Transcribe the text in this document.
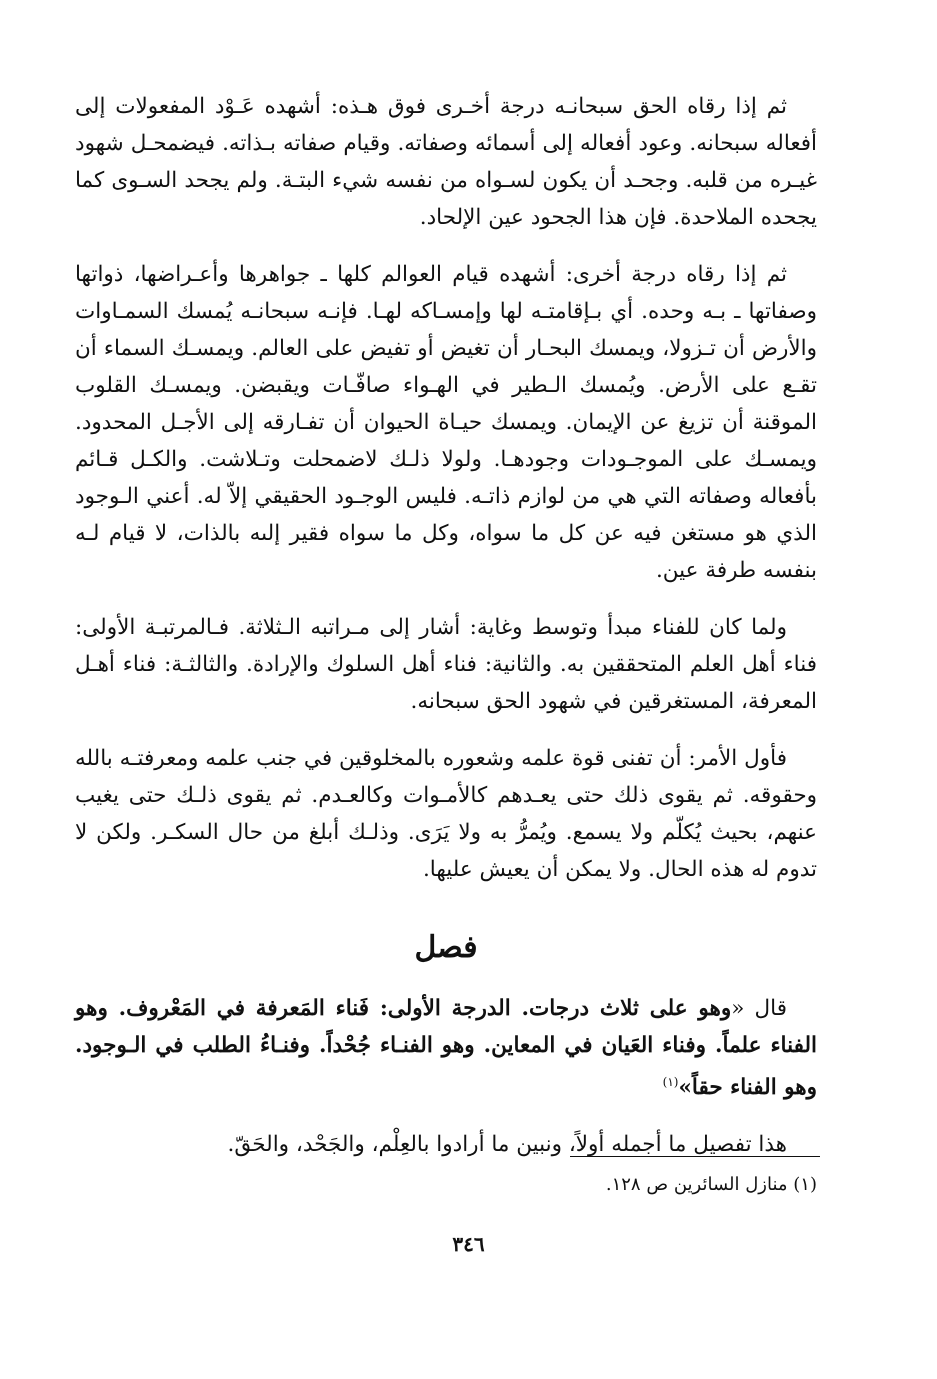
ثم إذا رقاه الحق سبحانـه درجة أخـرى فوق هـذه: أشهده عَـوْد المفعولات إلى أفعاله سبحانه. وعود أفعاله إلى أسمائه وصفاته. وقيام صفاته بـذاته. فيضمحـل شهود غيـره من قلبه. وجحـد أن يكون لسـواه من نفسه شيء البتـة. ولم يجحد السـوى كما يجحده الملاحدة. فإن هذا الجحود عين الإلحاد.

ثم إذا رقاه درجة أخرى: أشهده قيام العوالم كلها ـ جواهرها وأعـراضها، ذواتها وصفاتها ـ بـه وحده. أي بـإقامتـه لها وإمسـاكه لهـا. فإنـه سبحانـه يُمسك السمـاوات والأرض أن تـزولا، ويمسك البحـار أن تغيض أو تفيض على العالم. ويمسـك السماء أن تقـع على الأرض. ويُمسك الـطير في الهـواء صافّـات ويقبضن. ويمسـك القلوب الموقنة أن تزيغ عن الإيمان. ويمسك حيـاة الحيوان أن تفـارقه إلى الأجـل المحدود. ويمسـك على الموجـودات وجودهـا. ولولا ذلـك لاضمحلت وتـلاشت. والكـل قـائم بأفعاله وصفاته التي هي من لوازم ذاتـه. فليس الوجـود الحقيقي إلاّ له. أعني الـوجود الذي هو مستغن فيه عن كل ما سواه، وكل ما سواه فقير إلىه بالذات، لا قيام لـه بنفسه طرفة عين.

ولما كان للفناء مبدأ وتوسط وغاية: أشار إلى مـراتبه الـثلاثة. فـالمرتبـة الأولى: فناء أهل العلم المتحققين به. والثانية: فناء أهل السلوك والإرادة. والثالثـة: فناء أهـل المعرفة، المستغرقين في شهود الحق سبحانه.

فأول الأمر: أن تفنى قوة علمه وشعوره بالمخلوقين في جنب علمه ومعرفتـه بالله وحقوقه. ثم يقوى ذلك حتى يعـدهم كالأمـوات وكالعـدم. ثم يقوى ذلـك حتى يغيب عنهم، بحيث يُكلّم ولا يسمع. ويُمرُّ به ولا يَرَى. وذلـك أبلغ من حال السكـر. ولكن لا تدوم له هذه الحال. ولا يمكن أن يعيش عليها.

فصل

قال «وهو على ثلاث درجات. الدرجة الأولى: فَناء المَعرفة في المَعْروف. وهو الفناء علماً. وفناء العَيان في المعاين. وهو الفنـاء جُحْداً. وفنـاءُ الطلب في الـوجود. وهو الفناء حقاً»$^{(١)}$

هذا تفصيل ما أجمله أولاً، ونبين ما أرادوا بالعِلْم، والجَحْد، والحَقّ.

(١) منازل السائرين ص ١٢٨.
٣٤٦
